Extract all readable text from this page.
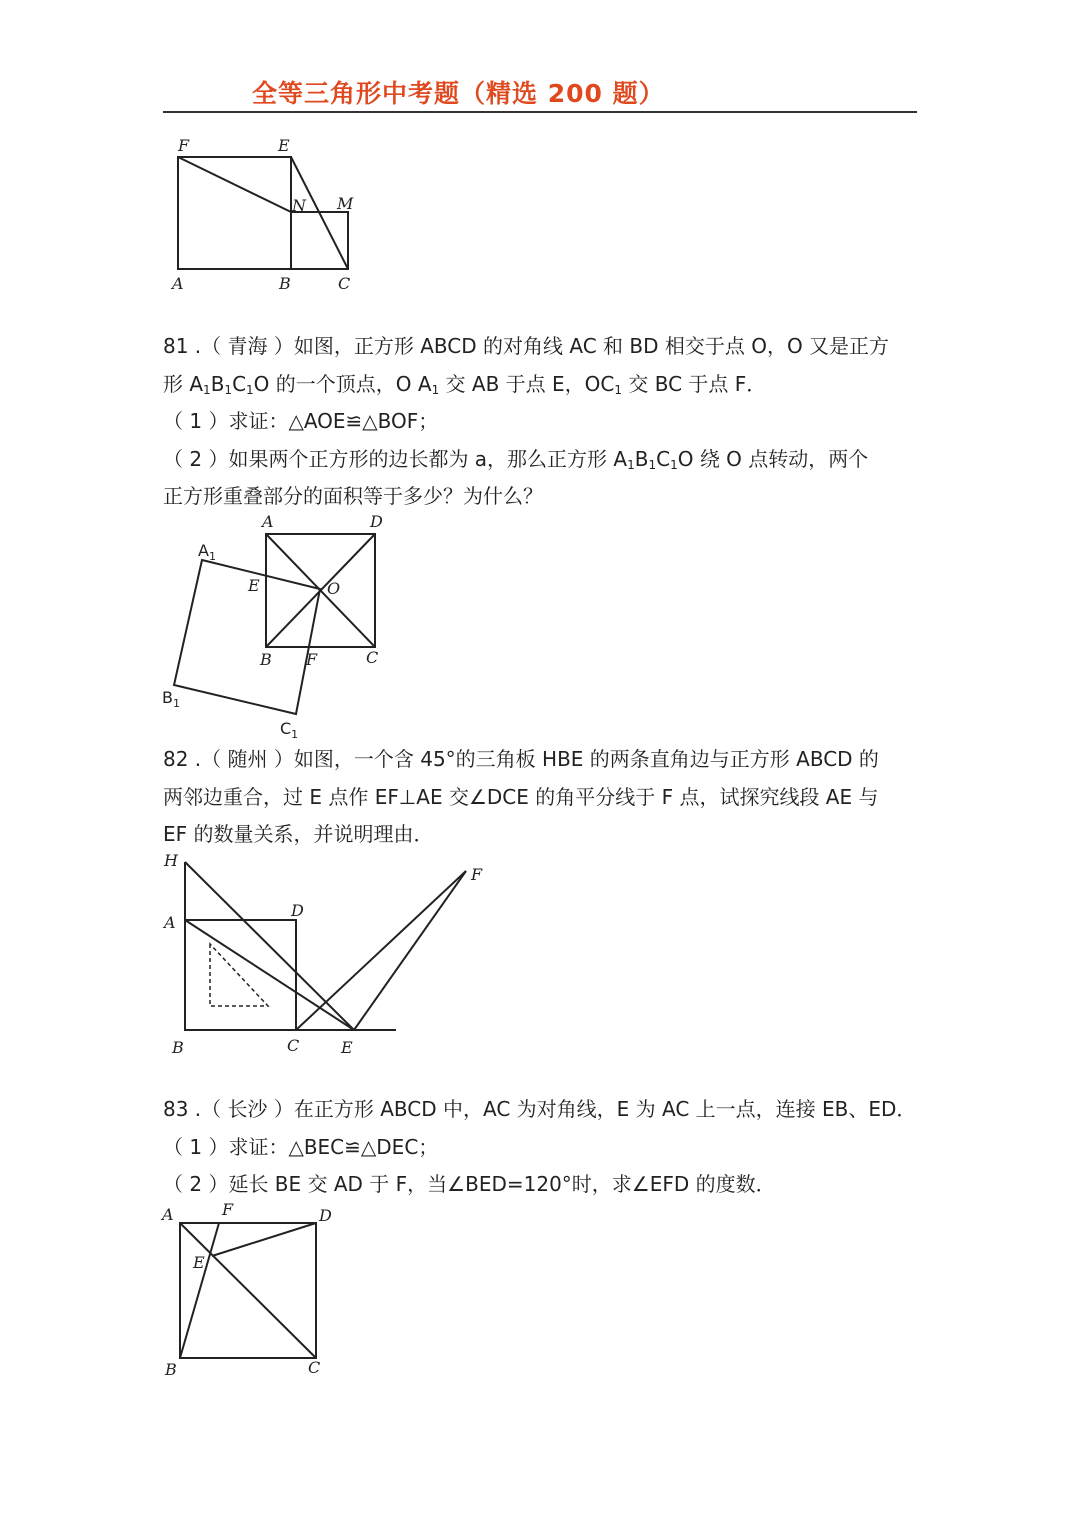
全等三角形中考题（精选 200 题）
F	E
N M
A	B	C

81 .（ 青海 ）如图，正方形 ABCD 的对角线 AC 和 BD 相交于点 O，O 又是正方

形 $A_1B_1C_1O$ 的一个顶点，O $A_1$ 交 AB 于点 E，$OC_1$ 交 BC 于点 F．

（ 1 ）求证：△AOE≌△BOF；

（ 2 ）如果两个正方形的边长都为 a，那么正方形 $A_1B_1C_1O$ 绕 O 点转动，两个

正方形重叠部分的面积等于多少？为什么？

A	D
$A_1$
E	O
B F	C
$B_1$
$C_1$

82 .（ 随州 ）如图，一个含 45°的三角板 HBE 的两条直角边与正方形 ABCD 的

两邻边重合，过 E 点作 EF⊥AE 交∠DCE 的角平分线于 F 点，试探究线段 AE 与

EF 的数量关系，并说明理由．

H
A
D
F
B	C	E

83 .（ 长沙 ）在正方形 ABCD 中，AC 为对角线，E 为 AC 上一点，连接 EB、ED．

（ 1 ）求证：△BEC≌△DEC；

（ 2 ）延长 BE 交 AD 于 F，当∠BED=120°时，求∠EFD 的度数．

A	F	D
E
B	C
